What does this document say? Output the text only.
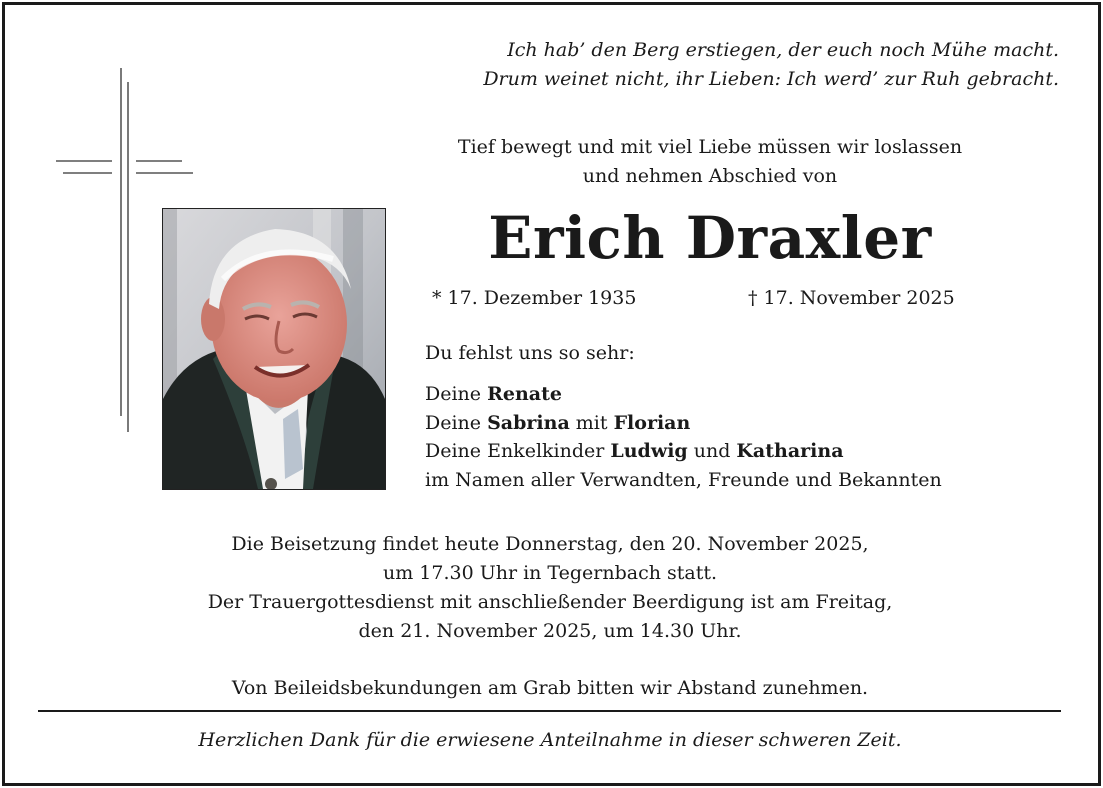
Ich hab’ den Berg erstiegen, der euch noch Mühe macht.
Drum weinet nicht, ihr Lieben: Ich werd’ zur Ruh gebracht.
Tief bewegt und mit viel Liebe müssen wir loslassen
und nehmen Abschied von
Erich Draxler
* 17. Dezember 1935	† 17. November 2025
Du fehlst uns so sehr:
Deine Renate
Deine Sabrina mit Florian
Deine Enkelkinder Ludwig und Katharina
im Namen aller Verwandten, Freunde und Bekannten
Die Beisetzung findet heute Donnerstag, den 20. November 2025,
um 17.30 Uhr in Tegernbach statt.
Der Trauergottesdienst mit anschließender Beerdigung ist am Freitag,
den 21. November 2025, um 14.30 Uhr.
Von Beileidsbekundungen am Grab bitten wir Abstand zunehmen.
Herzlichen Dank für die erwiesene Anteilnahme in dieser schweren Zeit.
